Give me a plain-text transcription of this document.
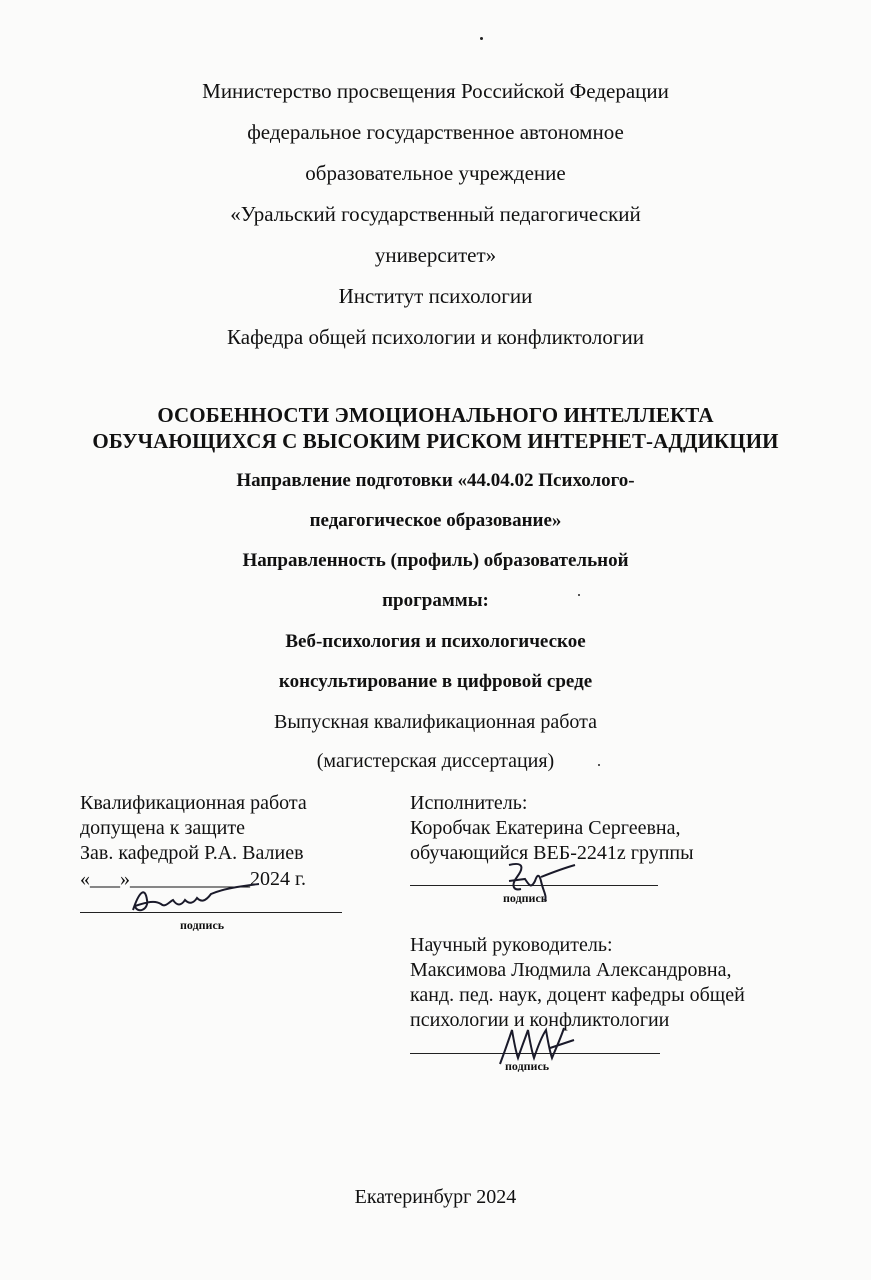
Министерство просвещения Российской Федерации
федеральное государственное автономное
образовательное учреждение
«Уральский государственный педагогический
университет»
Институт психологии
Кафедра общей психологии и конфликтологии
ОСОБЕННОСТИ ЭМОЦИОНАЛЬНОГО ИНТЕЛЛЕКТА
ОБУЧАЮЩИХСЯ С ВЫСОКИМ РИСКОМ ИНТЕРНЕТ-АДДИКЦИИ
Направление подготовки «44.04.02 Психолого-
педагогическое образование»
Направленность (профиль) образовательной
программы:
Веб-психология и психологическое
консультирование в цифровой среде
Выпускная квалификационная работа
(магистерская диссертация)
Квалификационная работа
допущена к защите
Зав. кафедрой Р.А. Валиев
«___»____________2024 г.
подпись
Исполнитель:
Коробчак Екатерина Сергеевна,
обучающийся ВЕБ-2241z группы
подпись
Научный руководитель:
Максимова Людмила Александровна,
канд. пед. наук, доцент кафедры общей
психологии и конфликтологии
подпись
Екатеринбург 2024
